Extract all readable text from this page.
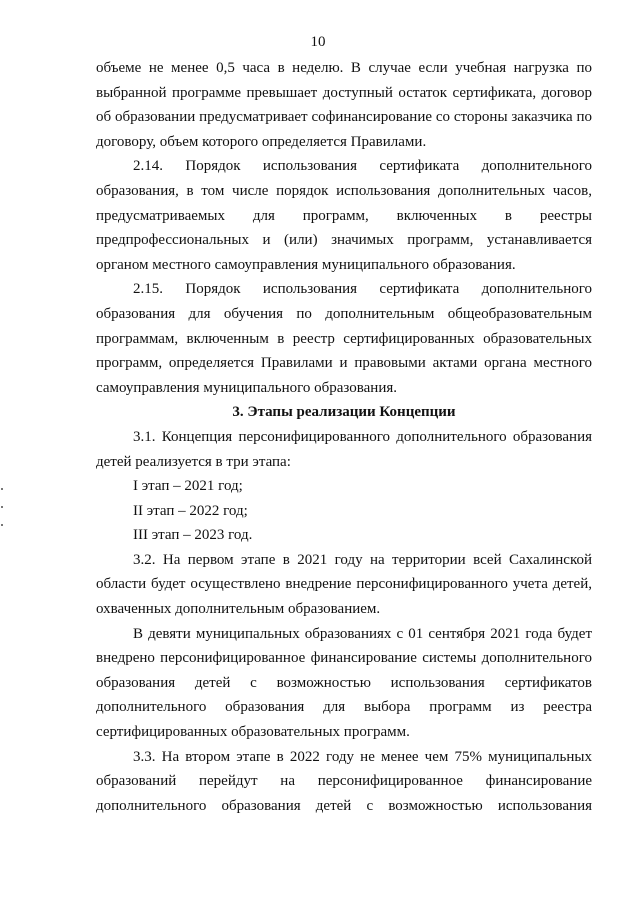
10

объеме не менее 0,5 часа в неделю. В случае если учебная нагрузка по выбранной программе превышает доступный остаток сертификата, договор об образовании предусматривает софинансирование со стороны заказчика по договору, объем которого определяется Правилами.

2.14. Порядок использования сертификата дополнительного образования, в том числе порядок использования дополнительных часов, предусматриваемых для программ, включенных в реестры предпрофессиональных и (или) значимых программ, устанавливается органом местного самоуправления муниципального образования.

2.15. Порядок использования сертификата дополнительного образования для обучения по дополнительным общеобразовательным программам, включенным в реестр сертифицированных образовательных программ, определяется Правилами и правовыми актами органа местного самоуправления муниципального образования.

3. Этапы реализации Концепции

3.1. Концепция персонифицированного дополнительного образования детей реализуется в три этапа:

I этап – 2021 год;

II этап – 2022 год;

III этап – 2023 год.

3.2. На первом этапе в 2021 году на территории всей Сахалинской области будет осуществлено внедрение персонифицированного учета детей, охваченных дополнительным образованием.

В девяти муниципальных образованиях с 01 сентября 2021 года будет внедрено персонифицированное финансирование системы дополнительного образования детей с возможностью использования сертификатов дополнительного образования для выбора программ из реестра сертифицированных образовательных программ.

3.3. На втором этапе в 2022 году не менее чем 75% муниципальных образований перейдут на персонифицированное финансирование дополнительного образования детей с возможностью использования
